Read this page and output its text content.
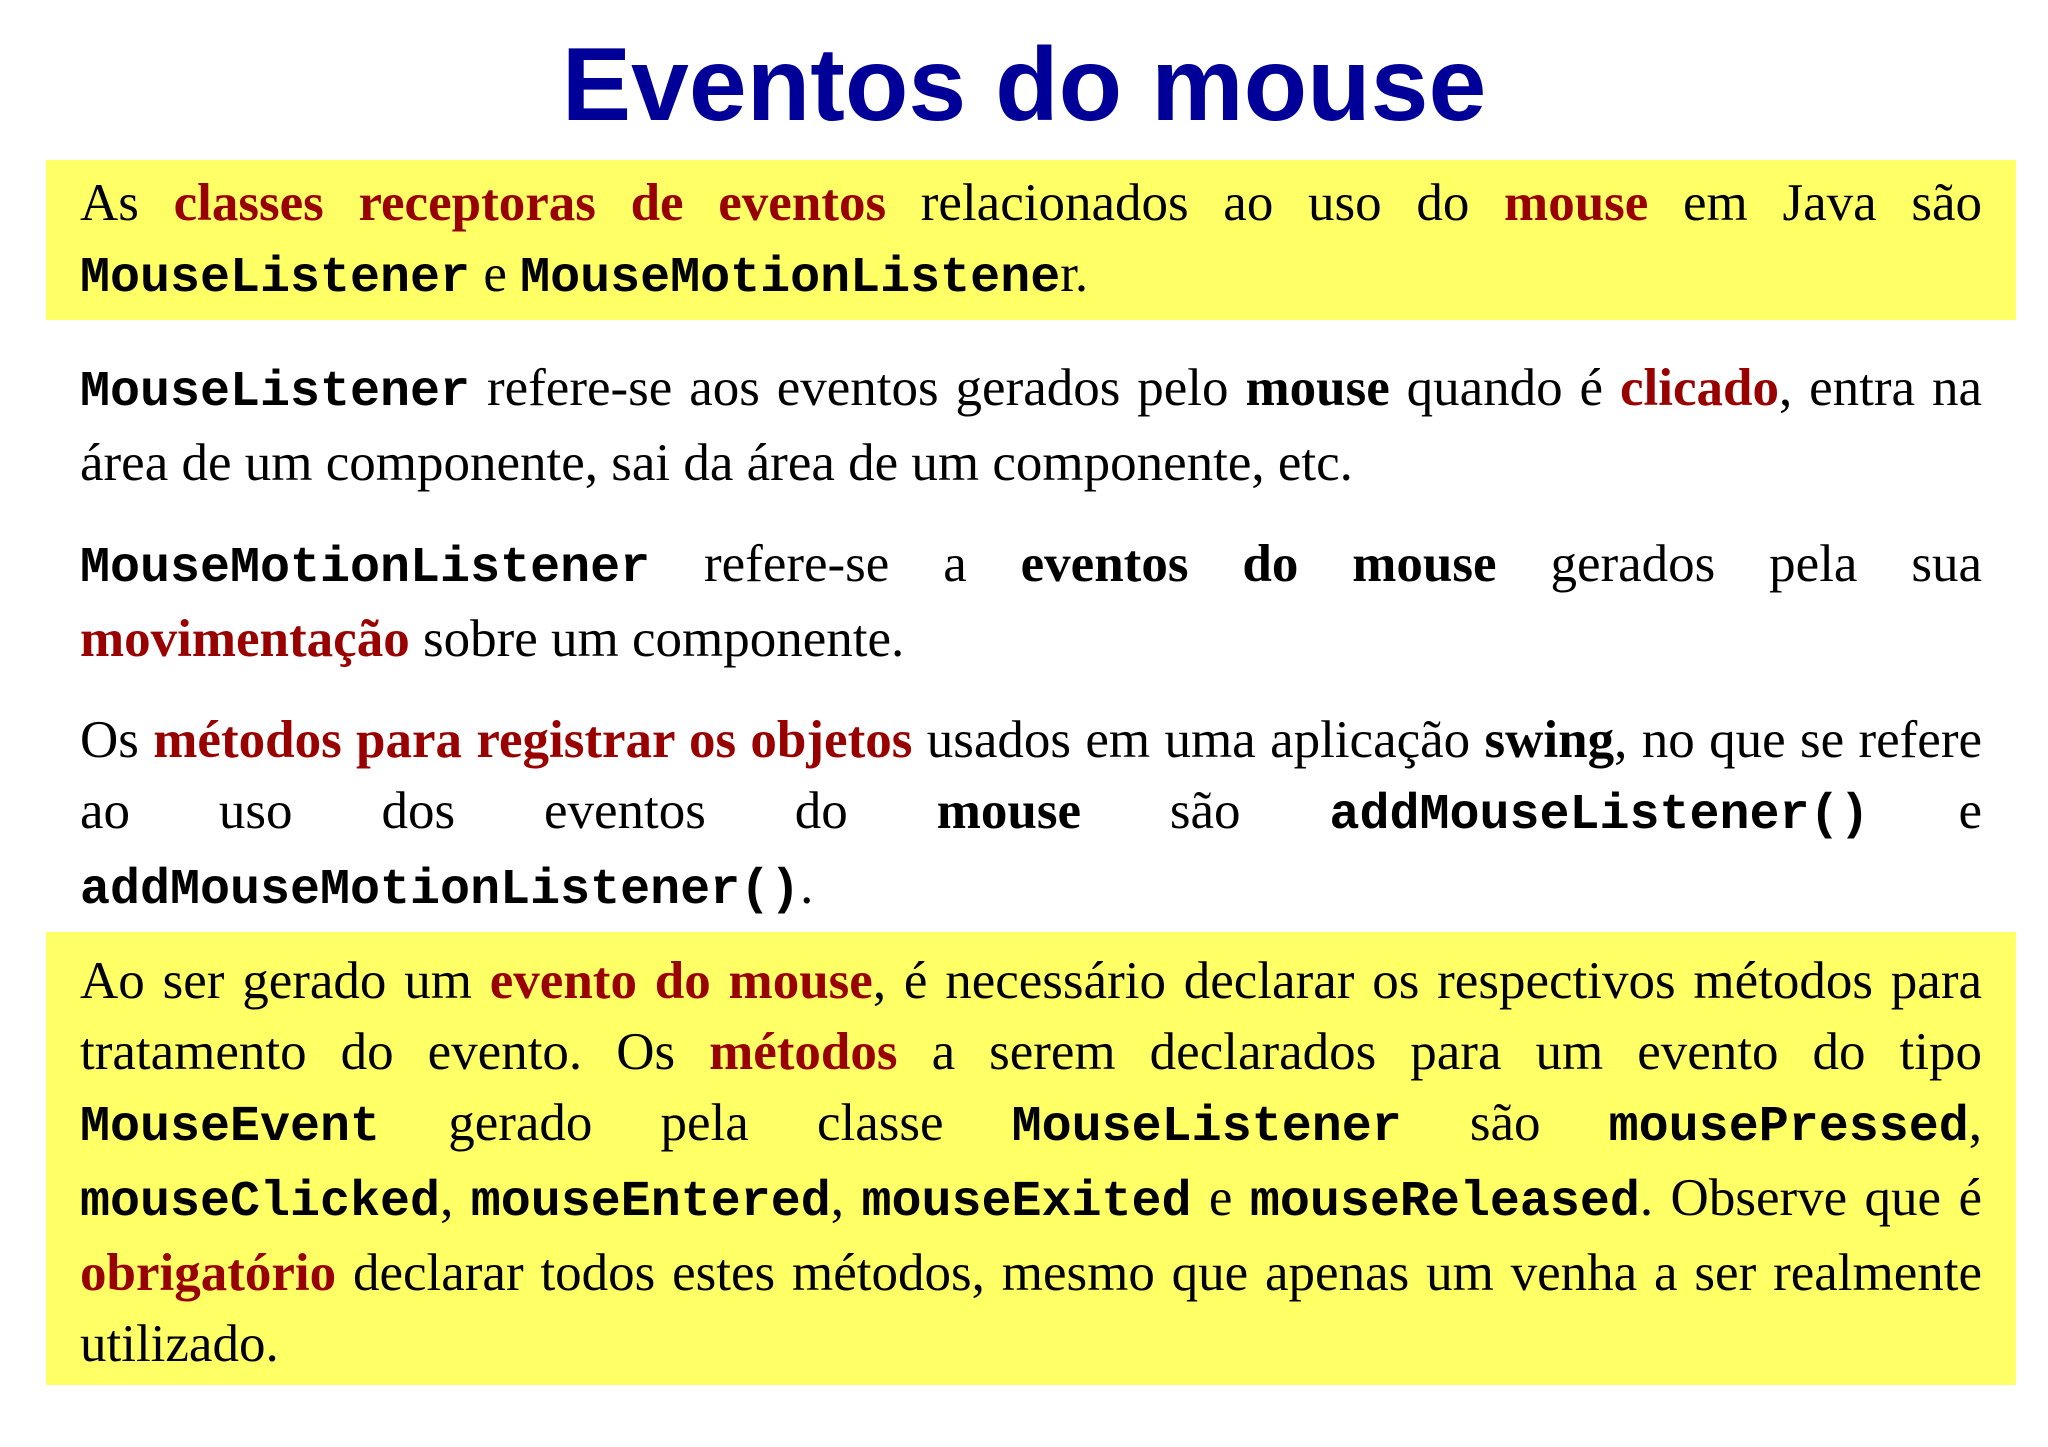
Eventos do mouse

As classes receptoras de eventos relacionados ao uso do mouse em Java são MouseListener e MouseMotionListener.

MouseListener refere-se aos eventos gerados pelo mouse quando é clicado, entra na área de um componente, sai da área de um componente, etc.

MouseMotionListener refere-se a eventos do mouse gerados pela sua movimentação sobre um componente.

Os métodos para registrar os objetos usados em uma aplicação swing, no que se refere ao uso dos eventos do mouse são addMouseListener() e addMouseMotionListener().

Ao ser gerado um evento do mouse, é necessário declarar os respectivos métodos para tratamento do evento. Os métodos a serem declarados para um evento do tipo MouseEvent gerado pela classe MouseListener são mousePressed, mouseClicked, mouseEntered, mouseExited e mouseReleased. Observe que é obrigatório declarar todos estes métodos, mesmo que apenas um venha a ser realmente utilizado.
